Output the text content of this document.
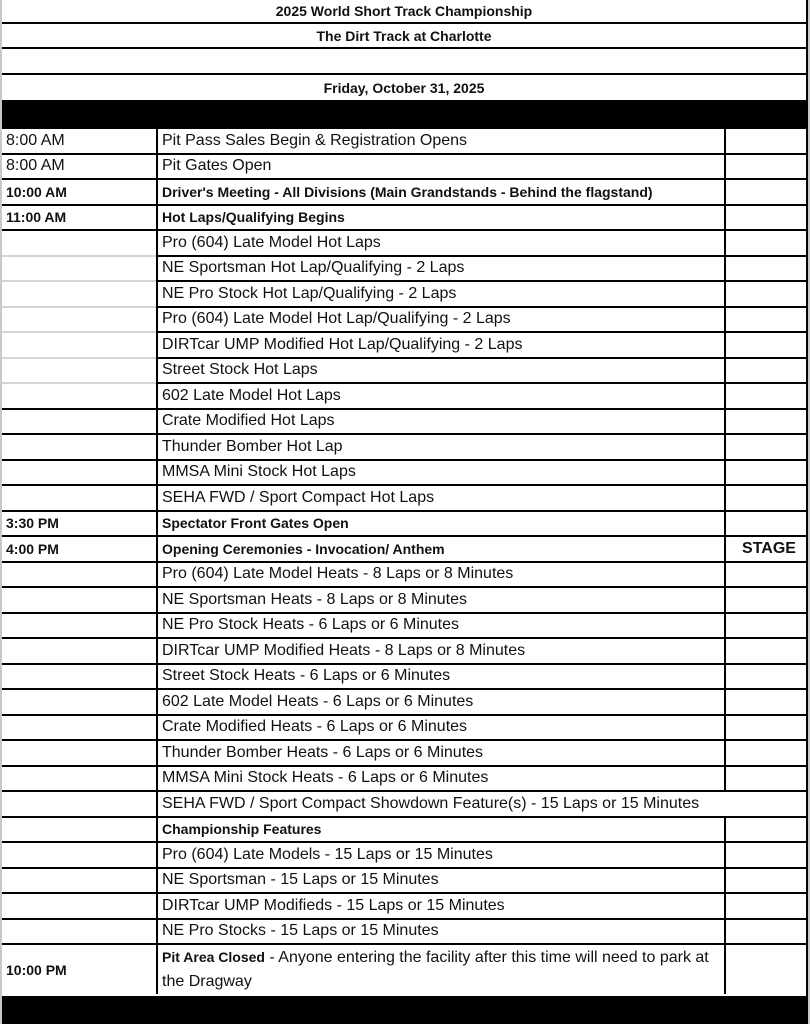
2025 World Short Track Championship
The Dirt Track at Charlotte
Friday, October 31, 2025
8:00 AM	Pit Pass Sales Begin & Registration Opens	
8:00 AM	Pit Gates Open	
10:00 AM	Driver's Meeting - All Divisions (Main Grandstands - Behind the flagstand)	
11:00 AM	Hot Laps/Qualifying Begins	
	Pro (604) Late Model Hot Laps	
	NE Sportsman Hot Lap/Qualifying - 2 Laps	
	NE Pro Stock Hot Lap/Qualifying - 2 Laps	
	Pro (604) Late Model Hot Lap/Qualifying - 2 Laps	
	DIRTcar UMP Modified Hot Lap/Qualifying - 2 Laps	
	Street Stock Hot Laps	
	602 Late Model Hot Laps	
	Crate Modified Hot Laps	
	Thunder Bomber Hot Lap	
	MMSA Mini Stock Hot Laps	
	SEHA FWD / Sport Compact Hot Laps	
3:30 PM	Spectator Front Gates Open	
4:00 PM	Opening Ceremonies - Invocation/ Anthem	STAGE
	Pro (604) Late Model Heats - 8 Laps or 8 Minutes	
	NE Sportsman Heats - 8 Laps or 8 Minutes	
	NE Pro Stock Heats - 6 Laps or 6 Minutes	
	DIRTcar UMP Modified Heats - 8 Laps or 8 Minutes	
	Street Stock Heats - 6 Laps or 6 Minutes	
	602 Late Model Heats - 6 Laps or 6 Minutes	
	Crate Modified Heats - 6 Laps or 6 Minutes	
	Thunder Bomber Heats - 6 Laps or 6 Minutes	
	MMSA Mini Stock Heats - 6 Laps or 6 Minutes	
	SEHA FWD / Sport Compact Showdown Feature(s) - 15 Laps or 15 Minutes	
	Championship Features	
	Pro (604) Late Models - 15 Laps or 15 Minutes	
	NE Sportsman - 15 Laps or 15 Minutes	
	DIRTcar UMP Modifieds - 15 Laps or 15 Minutes	
	NE Pro Stocks - 15 Laps or 15 Minutes	
10:00 PM	Pit Area Closed - Anyone entering the facility after this time will need to park at the Dragway	
